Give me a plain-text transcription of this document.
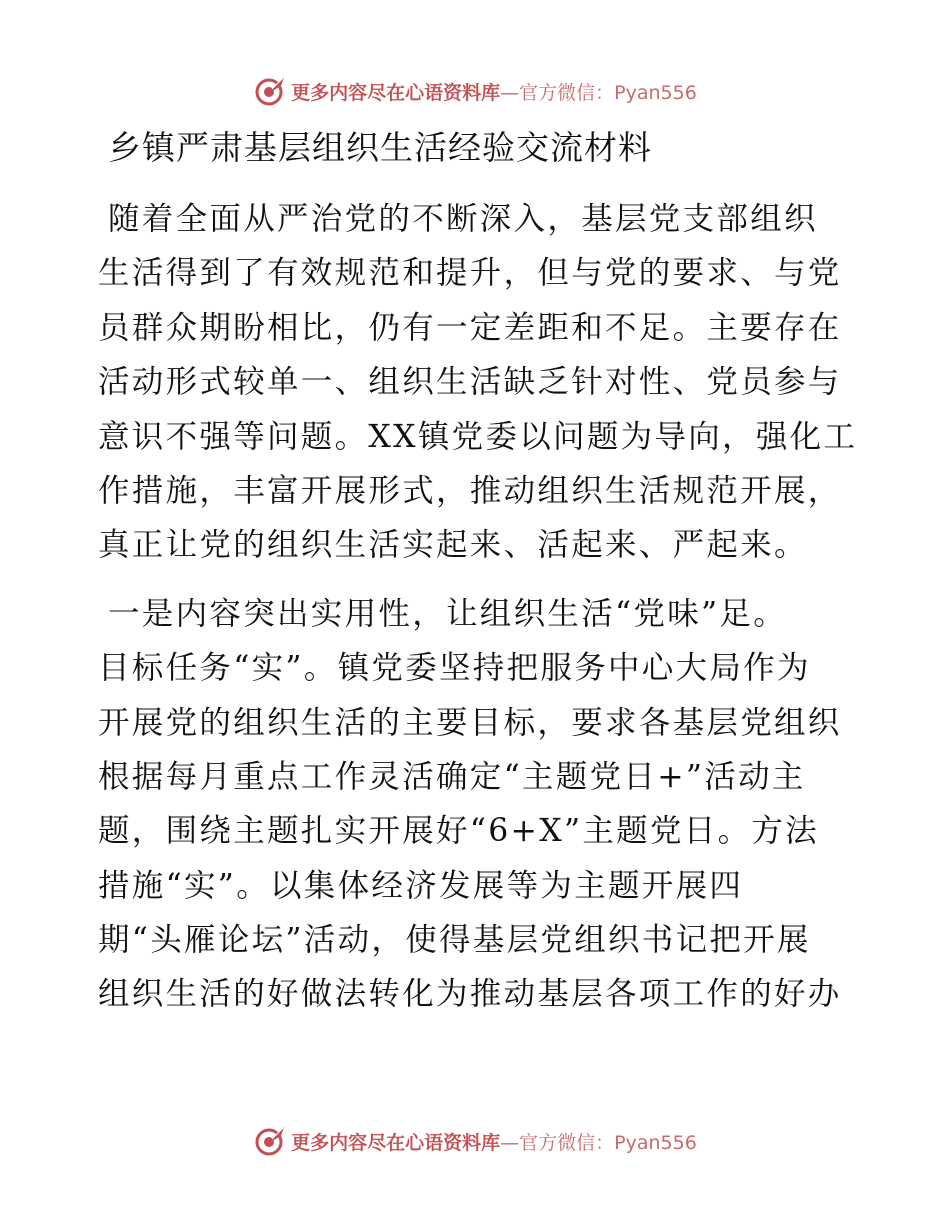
更多内容尽在心语资料库—官方微信：Pyan556
乡镇严肃基层组织生活经验交流材料
随着全面从严治党的不断深入，基层党支部组织
生活得到了有效规范和提升，但与党的要求、与党
员群众期盼相比，仍有一定差距和不足。主要存在
活动形式较单一、组织生活缺乏针对性、党员参与
意识不强等问题。XX镇党委以问题为导向，强化工
作措施，丰富开展形式，推动组织生活规范开展，
真正让党的组织生活实起来、活起来、严起来。
一是内容突出实用性，让组织生活“党味”足。
目标任务“实”。镇党委坚持把服务中心大局作为
开展党的组织生活的主要目标，要求各基层党组织
根据每月重点工作灵活确定“主题党日+”活动主
题，围绕主题扎实开展好“6+X”主题党日。方法
措施“实”。以集体经济发展等为主题开展四
期“头雁论坛”活动，使得基层党组织书记把开展
组织生活的好做法转化为推动基层各项工作的好办
更多内容尽在心语资料库—官方微信：Pyan556
